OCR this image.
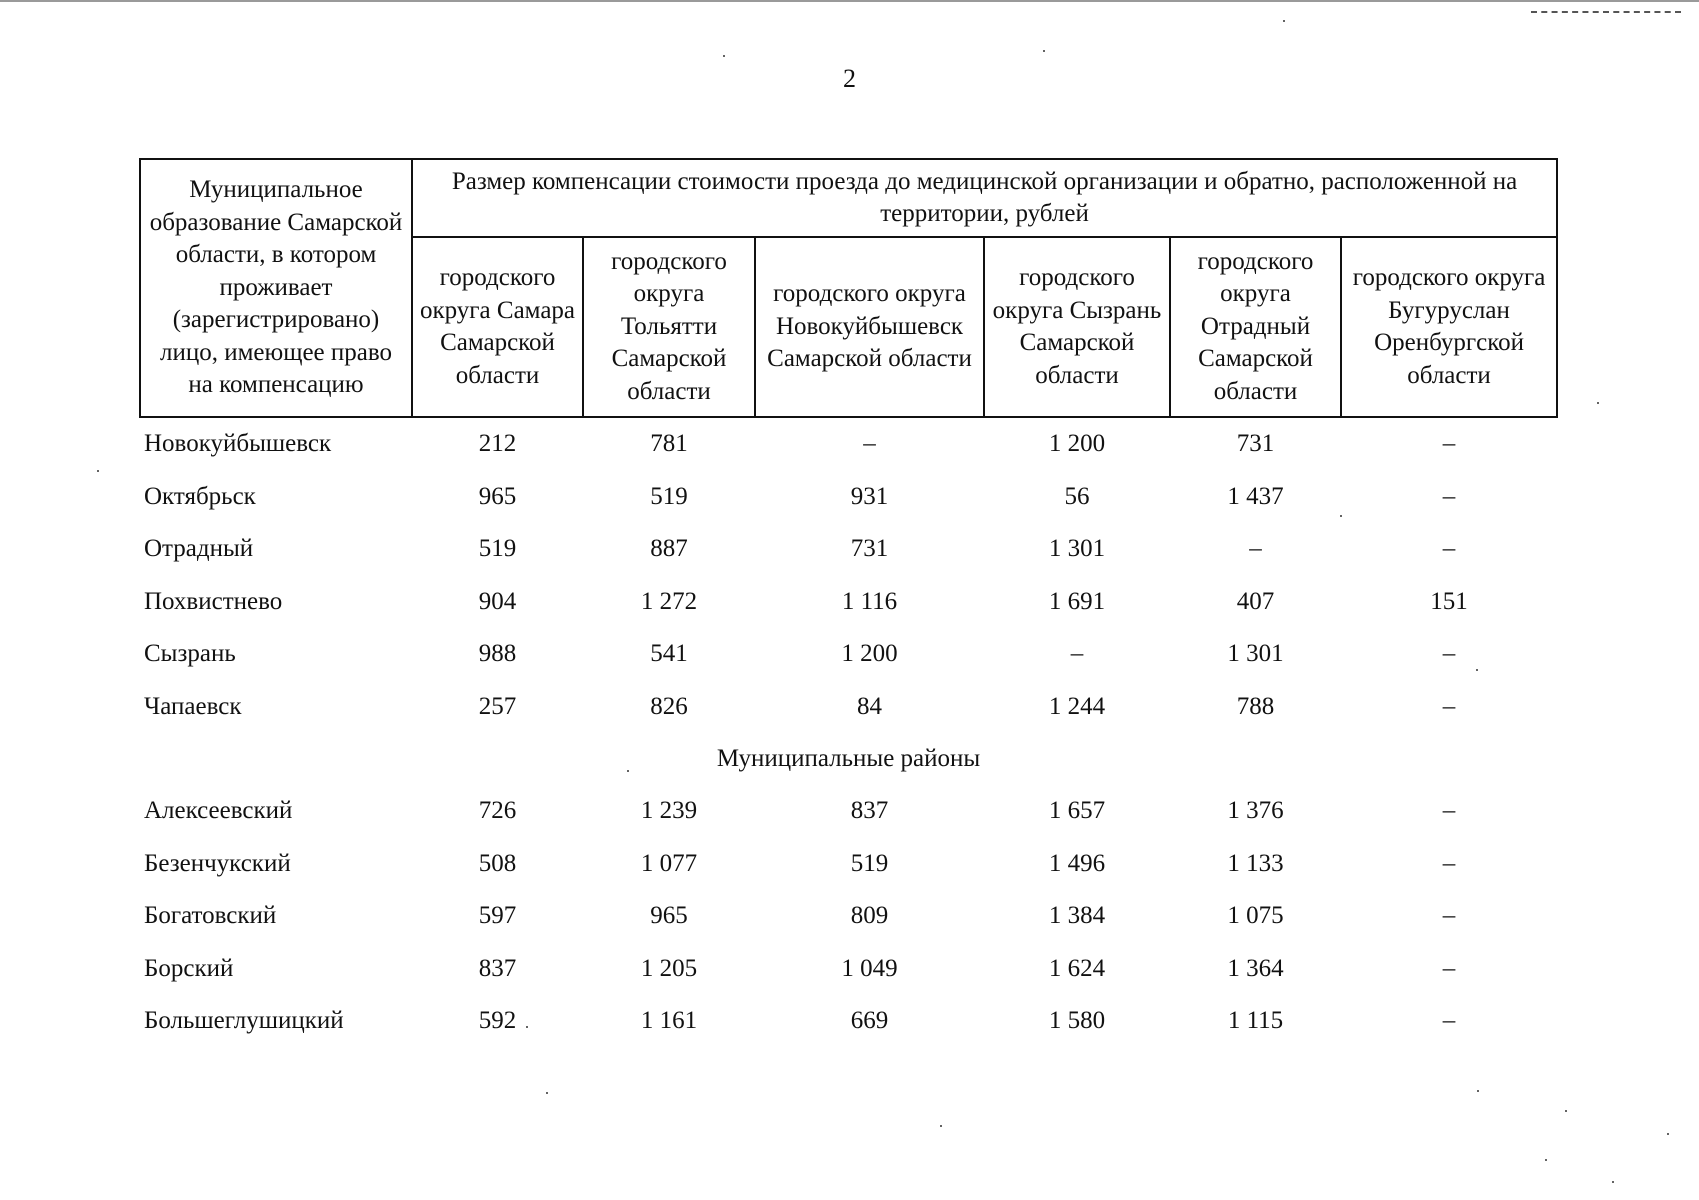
2
Муниципальное образование Самарской области, в котором проживает (зарегистрировано) лицо, имеющее право на компенсацию	Размер компенсации стоимости проезда до медицинской организации и обратно, расположенной на территории, рублей					
	городского округа Самара Самарской области	городского округа Тольятти Самарской области	городского округа Новокуйбышевск Самарской области	городского округа Сызрань Самарской области	городского округа Отрадный Самарской области	городского округа Бугуруслан Оренбургской области
Новокуйбышевск	212	781	–	1 200	731	–
Октябрьск	965	519	931	56	1 437	–
Отрадный	519	887	731	1 301	–	–
Похвистнево	904	1 272	1 116	1 691	407	151
Сызрань	988	541	1 200	–	1 301	–
Чапаевск	257	826	84	1 244	788	–
Муниципальные районы						
Алексеевский	726	1 239	837	1 657	1 376	–
Безенчукский	508	1 077	519	1 496	1 133	–
Богатовский	597	965	809	1 384	1 075	–
Борский	837	1 205	1 049	1 624	1 364	–
Большеглушицкий	592	1 161	669	1 580	1 115	–
